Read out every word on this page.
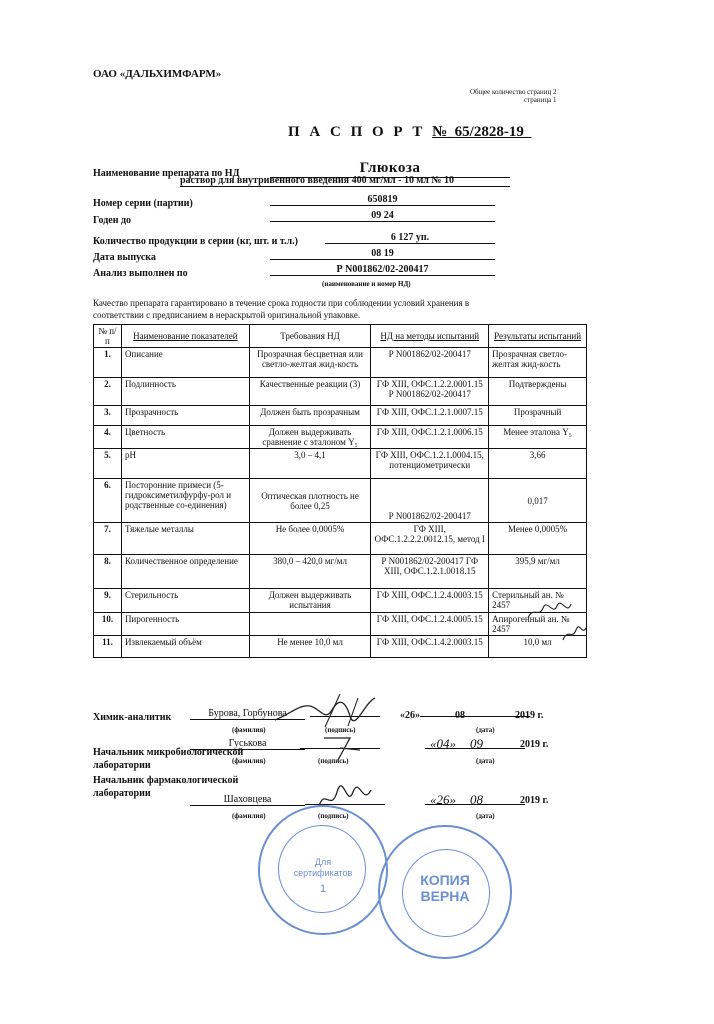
ОАО «ДАЛЬХИМФАРМ»
Общее количество страниц 2
страница 1
П А С П О Р Т №_65/2828-19_
Наименование препарата по НД	Глюкоза
раствор для внутривенного введения 400 мг/мл - 10 мл № 10
Номер серии (партии)	650819
Годен до	09 24
Количество продукции в серии (кг, шт. и т.л.)	6 127 уп.
Дата выпуска	08 19
Анализ выполнен по	Р N001862/02-200417
(наименование и номер НД)
Качество препарата гарантировано в течение срока годности при соблюдении условий хранения в соответствии с предписанием в нераскрытой оригинальной упаковке.
№ п/п	Наименование показателей	Требования НД	НД на методы испытаний	Результаты испытаний
1.	Описание	Прозрачная бесцветная или светло-желтая жид-кость	Р N001862/02-200417	Прозрачная светло-желтая жид-кость
2.	Подлинность	Качественные реакции (3)	ГФ XIII, ОФС.1.2.2.0001.15 Р N001862/02-200417	Подтверждены
3.	Прозрачность	Должен быть прозрачным	ГФ XIII, ОФС.1.2.1.0007.15	Прозрачный
4.	Цветность	Должен выдерживать сравнение с эталоном Y₅	ГФ XIII, ОФС.1.2.1.0006.15	Менее эталона Y₅
5.	pH	3,0 – 4,1	ГФ XIII, ОФС.1.2.1.0004.15, потенциометрически	3,66
6.	Посторонние примеси (5-гидроксиметилфурфу-рол и родственные со-единения)	Оптическая плотность не более 0,25	Р N001862/02-200417	0,017
7.	Тяжелые металлы	Не более 0,0005%	ГФ XIII, ОФС.1.2.2.2.0012.15, метод I	Менее 0,0005%
8.	Количественное определение	380,0 – 420,0 мг/мл	Р N001862/02-200417 ГФ XIII, ОФС.1.2.1.0018.15	395,9 мг/мл
9.	Стерильность	Должен выдерживать испытания	ГФ XIII, ОФС.1.2.4.0003.15	Стерильный ан. № 2457
10.	Пирогенность		ГФ XIII, ОФС.1.2.4.0005.15	Апирогенный ан. № 2457
11.	Извлекаемый объём	Не менее 10,0 мл	ГФ XIII, ОФС.1.4.2.0003.15	10,0 мл
Химик-аналитик	Бурова, Горбунова
(фамилия)	(подпись)
«26»	08	2019 г.
(дата)
Начальник микробиологической лаборатории
Гуськова
(фамилия)	(подпись)
«04» 09	2019 г.
(дата)
Начальник фармакологической лаборатории
Шаховцева
(фамилия)	(подпись)
«26» 08	2019 г.
(дата)
Для сертификатов
1
КОПИЯ ВЕРНА
